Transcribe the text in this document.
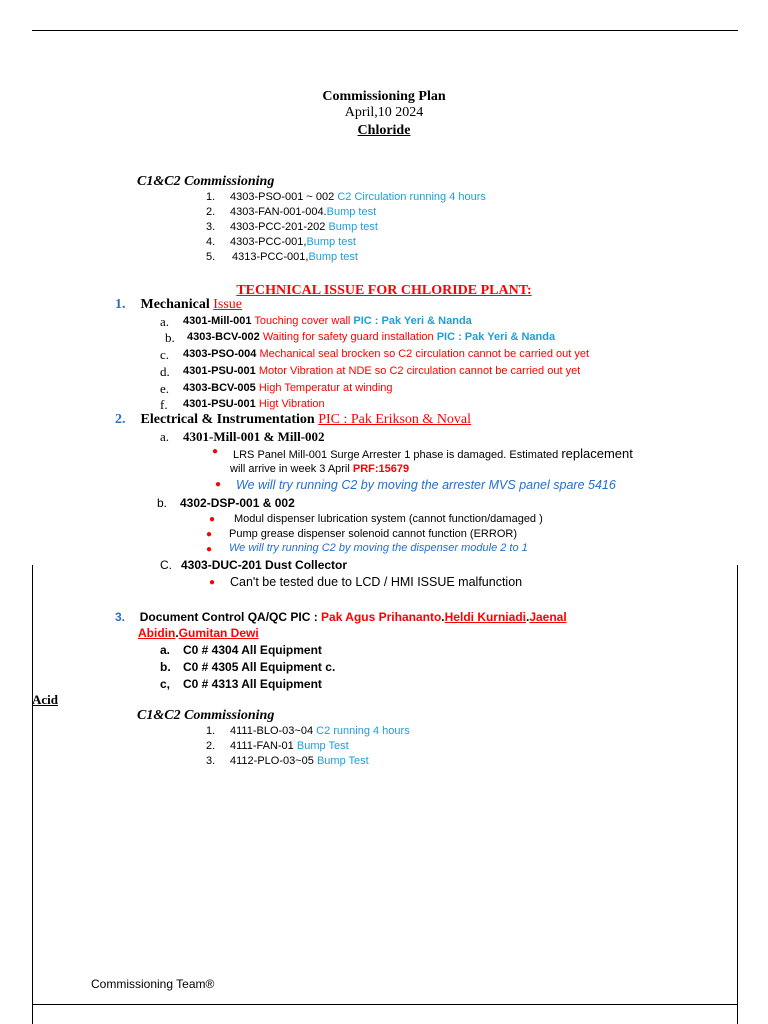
Commissioning Plan
April,10 2024
Chloride
C1&C2 Commissioning
1. 4303-PSO-001 ~ 002 C2 Circulation running 4 hours
2. 4303-FAN-001-004.Bump test
3. 4303-PCC-201-202 Bump test
4. 4303-PCC-001,Bump test
5. 4313-PCC-001,Bump test
TECHNICAL ISSUE FOR CHLORIDE PLANT:
1. Mechanical Issue
a. 4301-Mill-001 Touching cover wall PIC : Pak Yeri & Nanda
b. 4303-BCV-002 Waiting for safety guard installation PIC : Pak Yeri & Nanda
c. 4303-PSO-004 Mechanical seal brocken so C2 circulation cannot be carried out yet
d. 4301-PSU-001 Motor Vibration at NDE so C2 circulation cannot be carried out yet
e. 4303-BCV-005 High Temperatur at winding
f. 4301-PSU-001 Higt Vibration
2. Electrical & Instrumentation PIC : Pak Erikson & Noval
a. 4301-Mill-001 & Mill-002
● LRS Panel Mill-001 Surge Arrester 1 phase is damaged. Estimated replacement
will arrive in week 3 April PRF:15679
● We will try running C2 by moving the arrester MVS panel spare 5416
b. 4302-DSP-001 & 002
● Modul dispenser lubrication system (cannot function/damaged )
● Pump grease dispenser solenoid cannot function (ERROR)
● We will try running C2 by moving the dispenser module 2 to 1
C. 4303-DUC-201 Dust Collector
● Can't be tested due to LCD / HMI ISSUE malfunction
3. Document Control QA/QC PIC : Pak Agus Prihananto.Heldi Kurniadi.Jaenal
Abidin.Gumitan Dewi
a. C0 # 4304 All Equipment
b. C0 # 4305 All Equipment c.
c, C0 # 4313 All Equipment
Acid
C1&C2 Commissioning
1. 4111-BLO-03~04 C2 running 4 hours
2. 4111-FAN-01 Bump Test
3. 4112-PLO-03~05 Bump Test
Commissioning Team®
